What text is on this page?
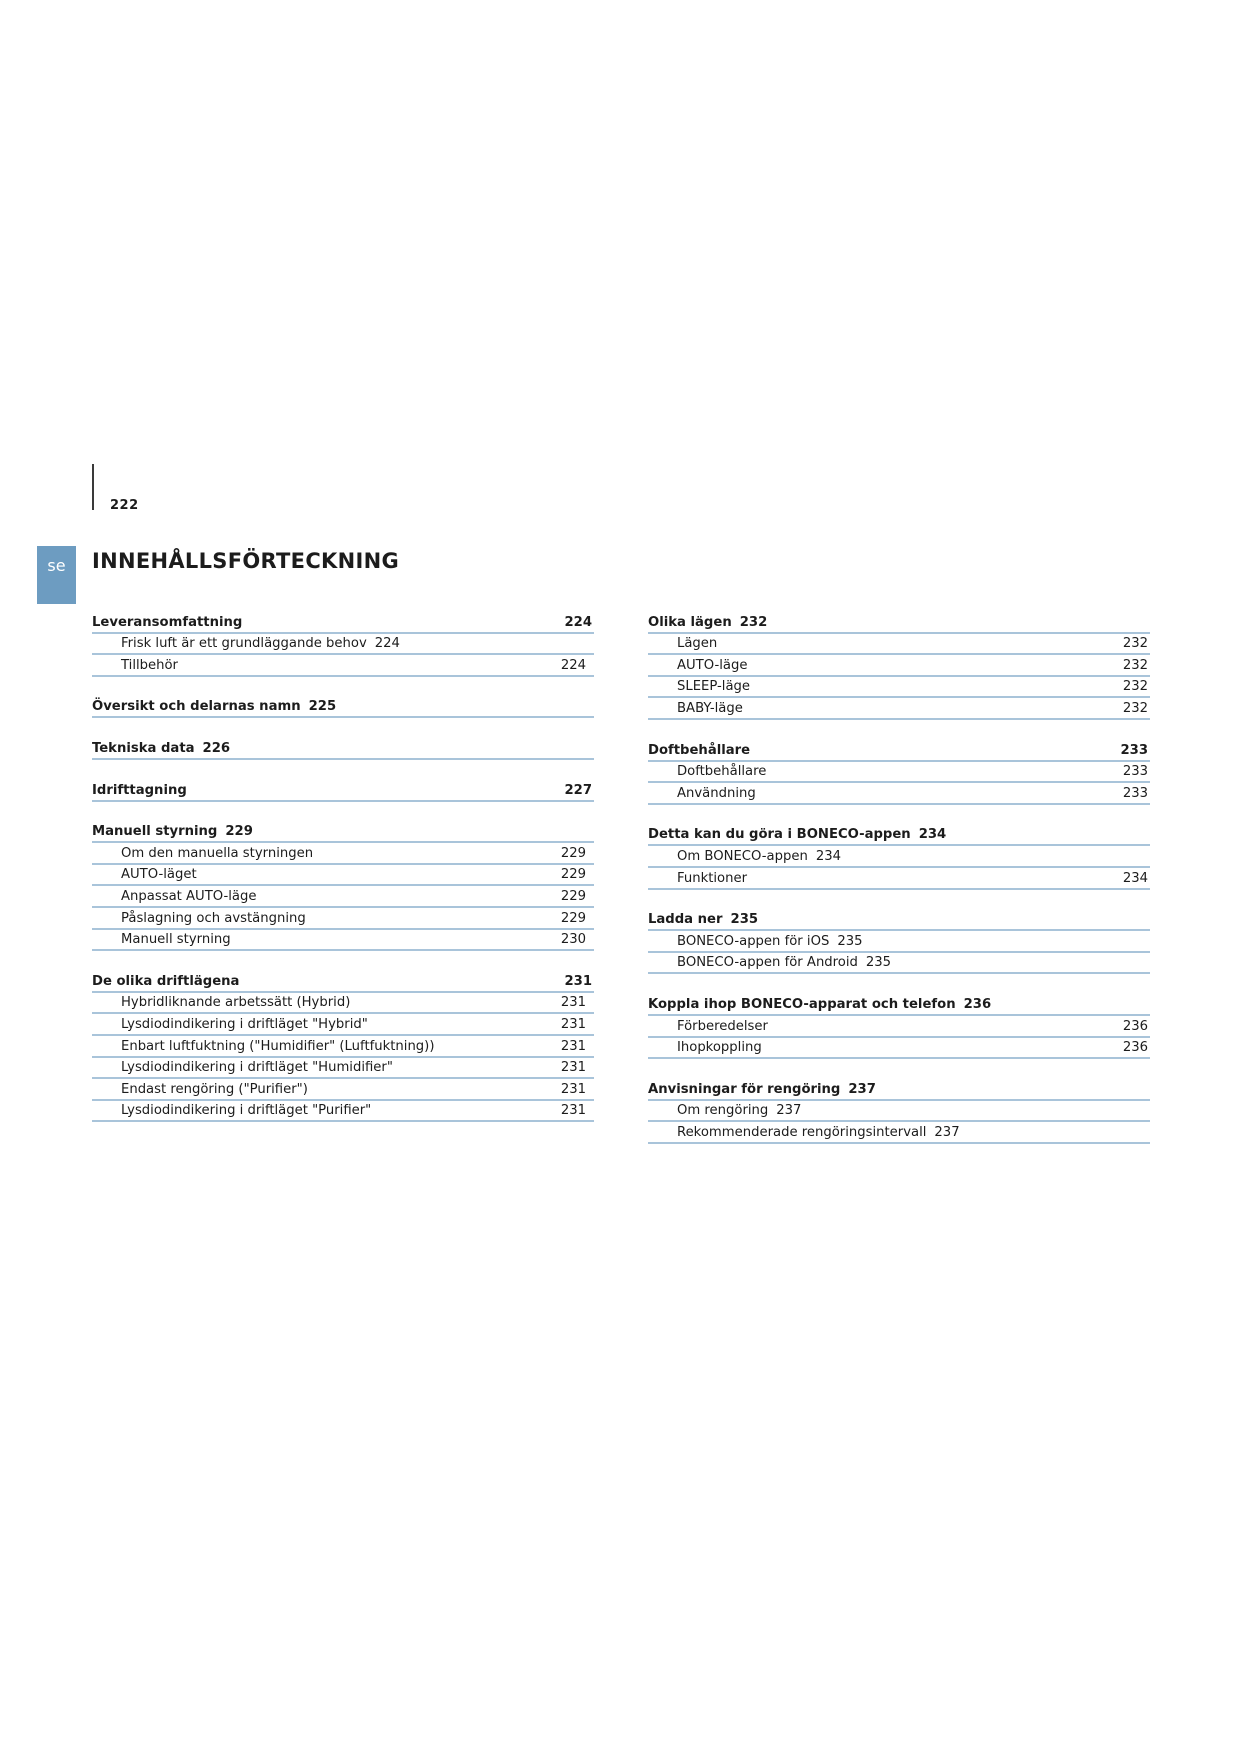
222
se	INNEHÅLLSFÖRTECKNING
Leveransomfattning	224
Frisk luft är ett grundläggande behov 224
Tillbehör	224
Översikt och delarnas namn 225
Tekniska data 226
Idrifttagning	227
Manuell styrning 229
Om den manuella styrningen	229
AUTO-läget	229
Anpassat AUTO-läge	229
Påslagning och avstängning	229
Manuell styrning	230
De olika driftlägena	231
Hybridliknande arbetssätt (Hybrid)	231
Lysdiodindikering i driftläget "Hybrid"	231
Enbart luftfuktning ("Humidifier" (Luftfuktning))	231
Lysdiodindikering i driftläget "Humidifier"	231
Endast rengöring ("Purifier")	231
Lysdiodindikering i driftläget "Purifier"	231
Olika lägen 232
Lägen	232
AUTO-läge	232
SLEEP-läge	232
BABY-läge	232
Doftbehållare	233
Doftbehållare	233
Användning	233
Detta kan du göra i BONECO-appen 234
Om BONECO-appen 234
Funktioner	234
Ladda ner 235
BONECO-appen för iOS 235
BONECO-appen för Android 235
Koppla ihop BONECO-apparat och telefon 236
Förberedelser	236
Ihopkoppling	236
Anvisningar för rengöring 237
Om rengöring 237
Rekommenderade rengöringsintervall 237
